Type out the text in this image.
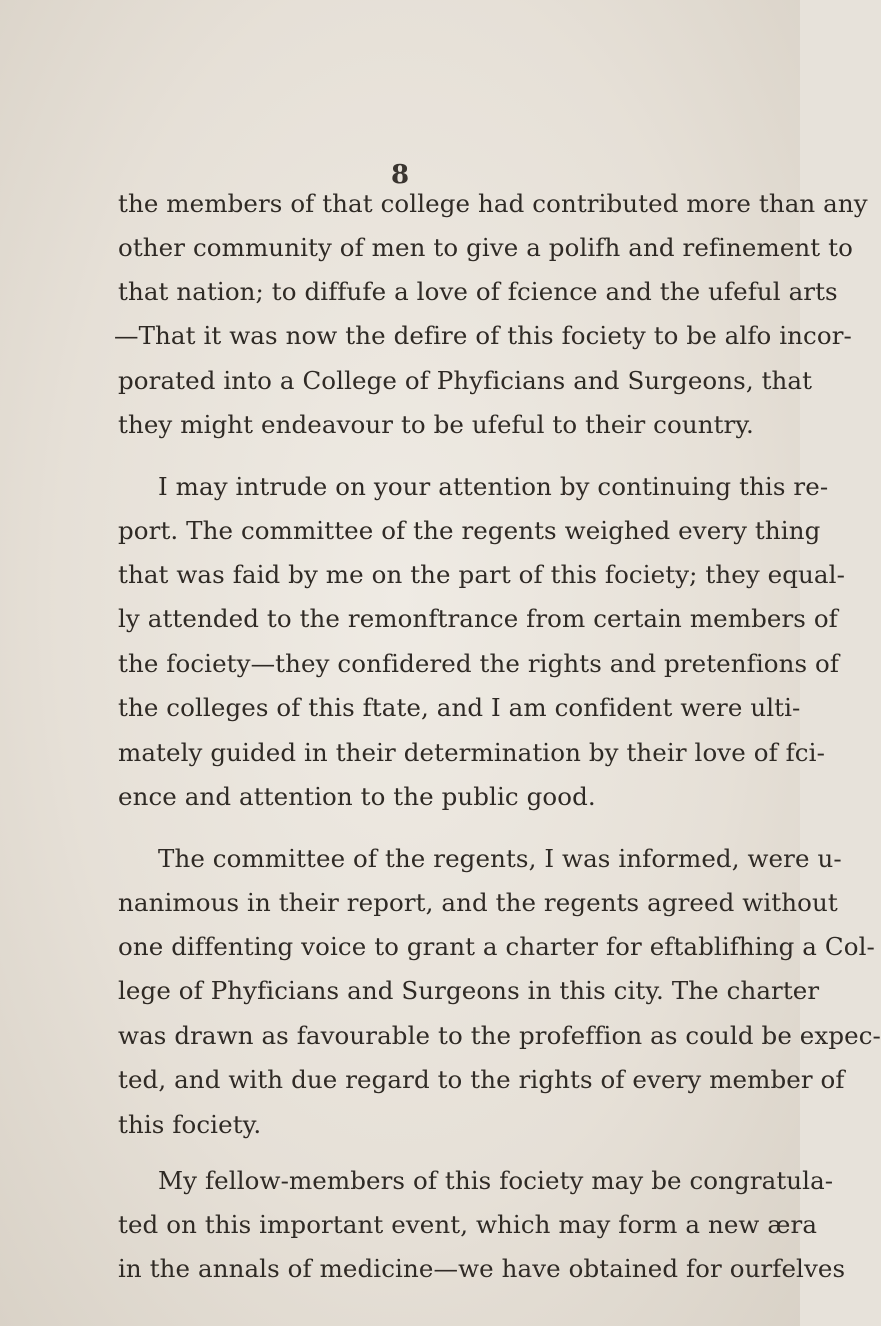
8
the members of that college had contributed more than any
other community of men to give a polifh and refinement to
that nation; to diffufe a love of fcience and the ufeful arts
—That it was now the defire of this fociety to be alfo incor-
porated into a College of Phyficians and Surgeons, that
they might endeavour to be ufeful to their country.
I may intrude on your attention by continuing this re-
port. The committee of the regents weighed every thing
that was faid by me on the part of this fociety; they equal-
ly attended to the remonftrance from certain members of
the fociety—they confidered the rights and pretenfions of
the colleges of this ftate, and I am confident were ulti-
mately guided in their determination by their love of fci-
ence and attention to the public good.
The committee of the regents, I was informed, were u-
nanimous in their report, and the regents agreed without
one diffenting voice to grant a charter for eftablifhing a Col-
lege of Phyficians and Surgeons in this city. The charter
was drawn as favourable to the profeffion as could be expec-
ted, and with due regard to the rights of every member of
this fociety.
My fellow-members of this fociety may be congratula-
ted on this important event, which may form a new æra
in the annals of medicine—we have obtained for ourfelves
